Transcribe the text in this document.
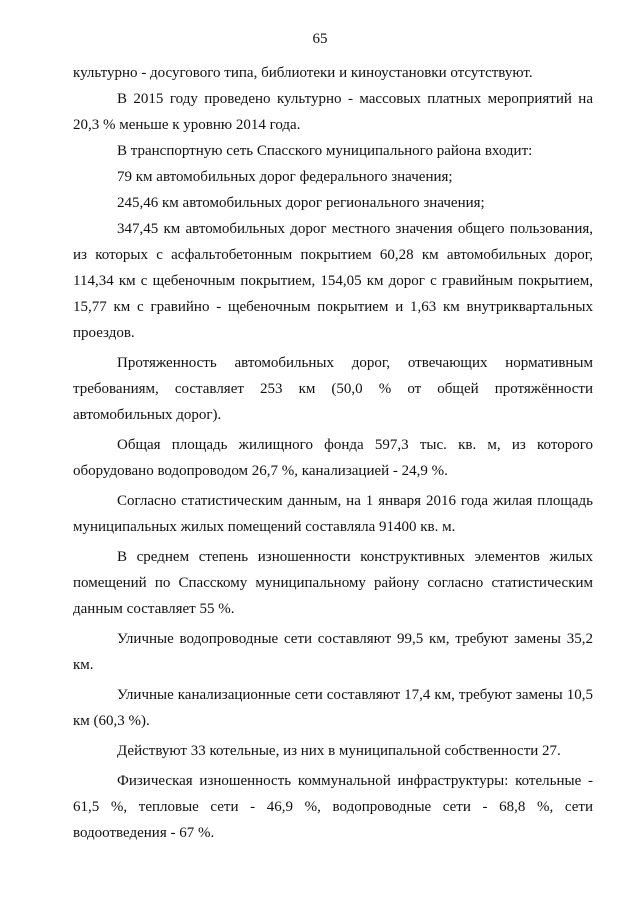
65

культурно - досугового типа, библиотеки и киноустановки отсутствуют.

В 2015 году проведено культурно - массовых платных мероприятий на 20,3 % меньше к уровню 2014 года.

В транспортную сеть Спасского муниципального района входит:

79 км автомобильных дорог федерального значения;

245,46 км автомобильных дорог регионального значения;

347,45 км автомобильных дорог местного значения общего пользования, из которых с асфальтобетонным покрытием 60,28 км автомобильных дорог, 114,34 км с щебеночным покрытием, 154,05 км дорог с гравийным покрытием, 15,77 км с гравийно - щебеночным покрытием и 1,63 км внутриквартальных проездов.

Протяженность автомобильных дорог, отвечающих нормативным требованиям, составляет 253 км (50,0 % от общей протяжённости автомобильных дорог).

Общая площадь жилищного фонда 597,3 тыс. кв. м, из которого оборудовано водопроводом 26,7 %, канализацией - 24,9 %.

Согласно статистическим данным, на 1 января 2016 года жилая площадь муниципальных жилых помещений составляла 91400 кв. м.

В среднем степень изношенности конструктивных элементов жилых помещений по Спасскому муниципальному району согласно статистическим данным составляет 55 %.

Уличные водопроводные сети составляют 99,5 км, требуют замены 35,2 км.

Уличные канализационные сети составляют 17,4 км, требуют замены 10,5 км (60,3 %).

Действуют 33 котельные, из них в муниципальной собственности 27.

Физическая изношенность коммунальной инфраструктуры: котельные - 61,5 %, тепловые сети - 46,9 %, водопроводные сети - 68,8 %, сети водоотведения - 67 %.
